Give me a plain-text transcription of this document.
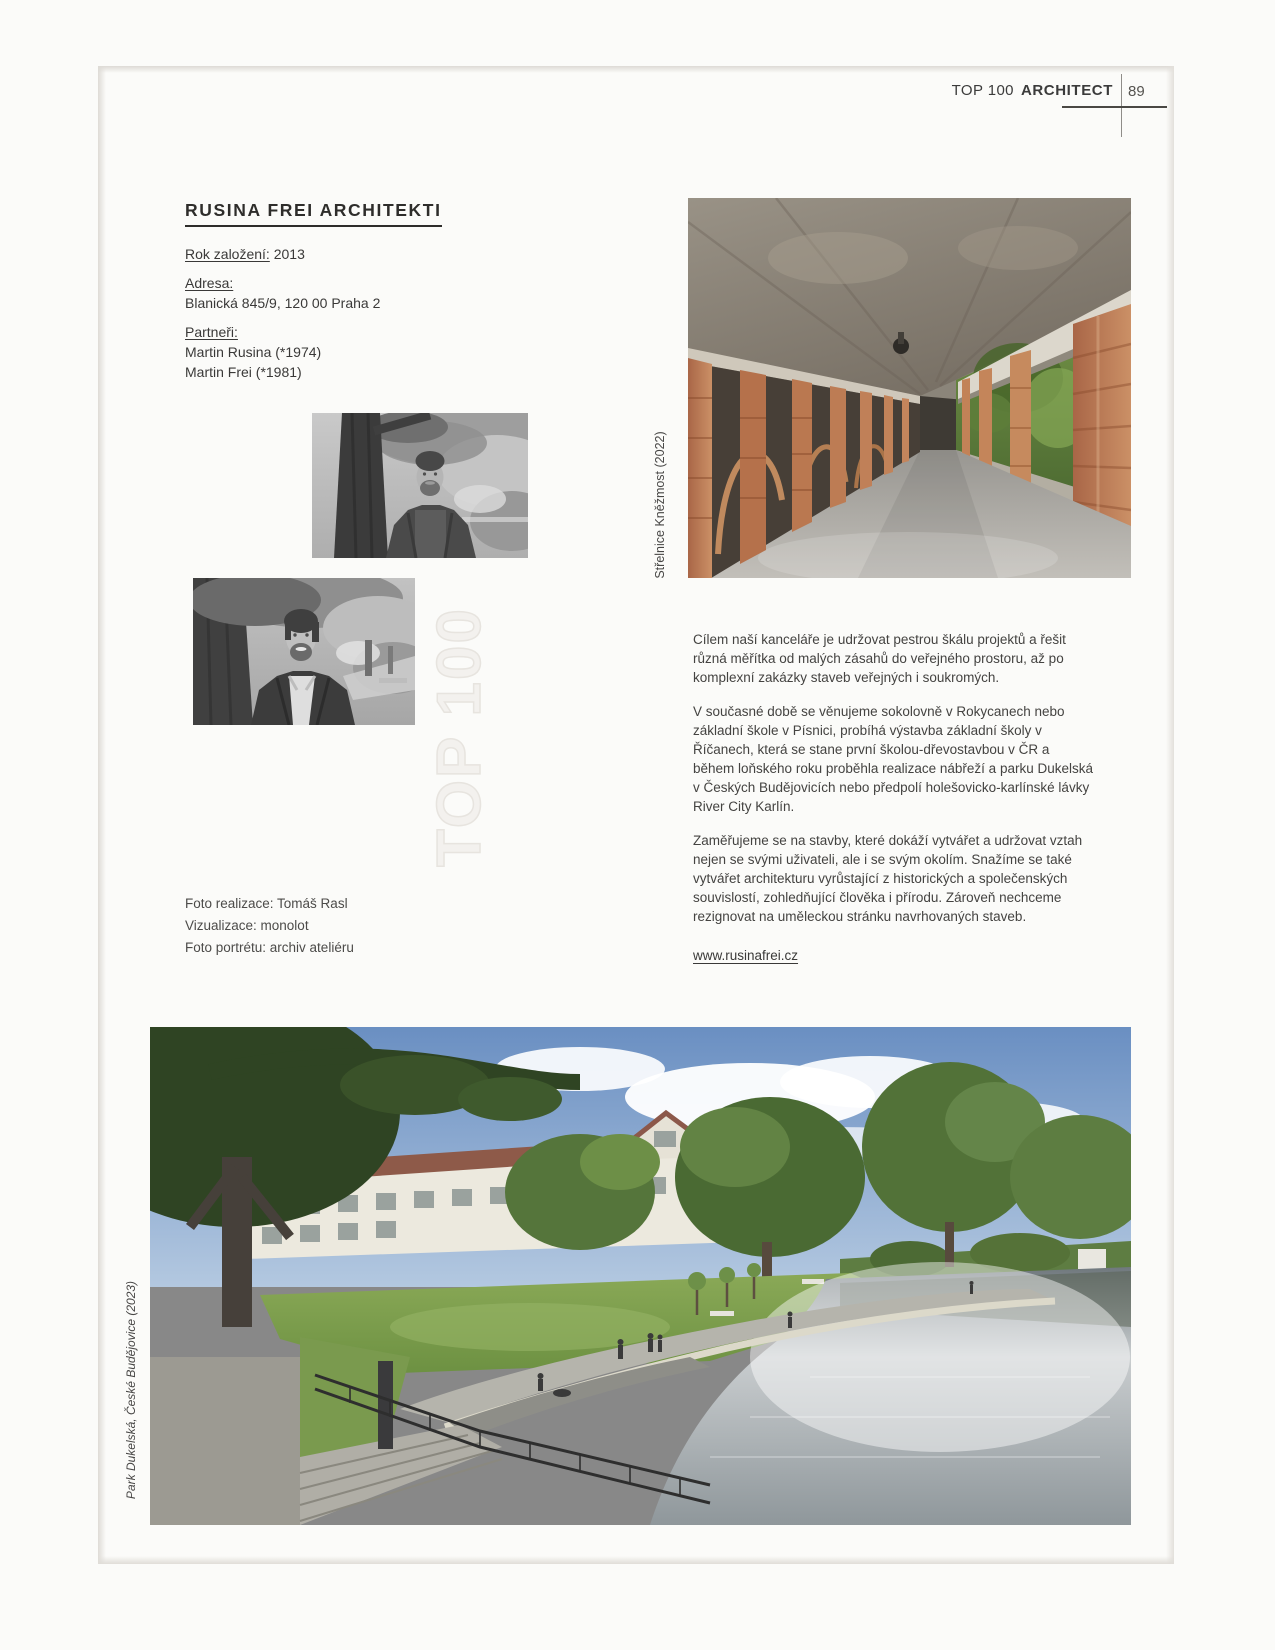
TOP 100 ARCHITECT 89
RUSINA FREI ARCHITEKTI
Rok založení: 2013
Adresa:
Blanická 845/9, 120 00 Praha 2
Partneři:
Martin Rusina (*1974)
Martin Frei (*1981)
TOP 100
Foto realizace: Tomáš Rasl
Vizualizace: monolot
Foto portrétu: archiv ateliéru
Střelnice Kněžmost (2022)

Cílem naší kanceláře je udržovat pestrou škálu projektů a řešit různá měřítka od malých zásahů do veřejného prostoru, až po komplexní zakázky staveb veřejných i soukromých.

V současné době se věnujeme sokolovně v Rokycanech nebo základní škole v Písnici, probíhá výstavba základní školy v Říčanech, která se stane první školou-dřevostavbou v ČR a během loňského roku proběhla realizace nábřeží a parku Dukelská v Českých Budějovicích nebo předpolí holešovicko-karlínské lávky River City Karlín.

Zaměřujeme se na stavby, které dokáží vytvářet a udržovat vztah nejen se svými uživateli, ale i se svým okolím. Snažíme se také vytvářet architekturu vyrůstající z historických a společenských souvislostí, zohledňující člověka i přírodu. Zároveň nechceme rezignovat na uměleckou stránku navrhovaných staveb.

www.rusinafrei.cz
Park Dukelská, České Budějovice (2023)
